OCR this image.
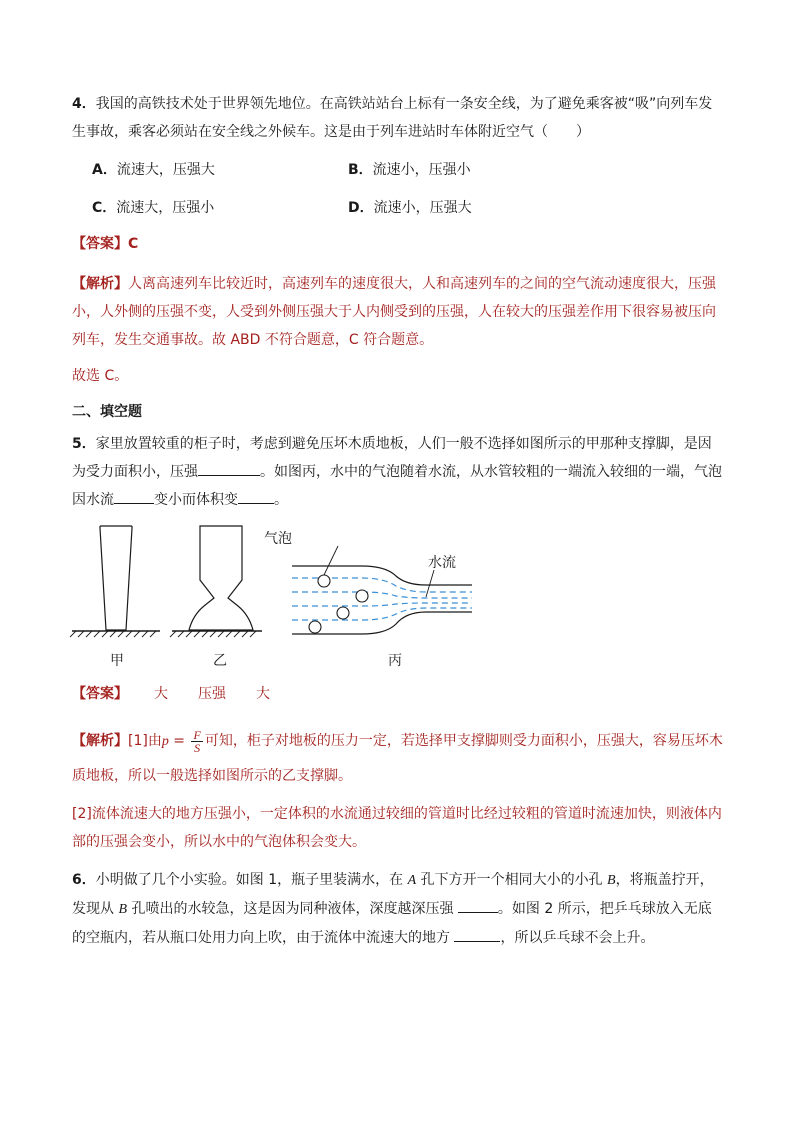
4．我国的高铁技术处于世界领先地位。在高铁站站台上标有一条安全线，为了避免乘客被“吸”向列车发生事故，乘客必须站在安全线之外候车。这是由于列车进站时车体附近空气（　　）
A．流速大，压强大	B．流速小，压强小
C．流速大，压强小	D．流速小，压强大
【答案】C
【解析】人离高速列车比较近时，高速列车的速度很大，人和高速列车的之间的空气流动速度很大，压强小，人外侧的压强不变，人受到外侧压强大于人内侧受到的压强，人在较大的压强差作用下很容易被压向列车，发生交通事故。故 ABD 不符合题意，C 符合题意。
故选 C。
二、填空题
5．家里放置较重的柜子时，考虑到避免压坏木质地板，人们一般不选择如图所示的甲那种支撑脚，是因为受力面积小，压强	。如图丙，水中的气泡随着水流，从水管较粗的一端流入较细的一端，气泡因水流	变小而体积变	。
气泡
水流
甲	乙	丙
【答案】 大 压强 大
【解析】[1]由$p = \frac{F}{S}$ 可知，柜子对地板的压力一定，若选择甲支撑脚则受力面积小，压强大，容易压坏木质地板，所以一般选择如图所示的乙支撑脚。
[2]流体流速大的地方压强小，一定体积的水流通过较细的管道时比经过较粗的管道时流速加快，则液体内部的压强会变小，所以水中的气泡体积会变大。
6．小明做了几个小实验。如图 1，瓶子里装满水，在 A 孔下方开一个相同大小的小孔 B，将瓶盖拧开，发现从 B 孔喷出的水较急，这是因为同种液体，深度越深压强	。如图 2 所示，把乒乓球放入无底的空瓶内，若从瓶口处用力向上吹，由于流体中流速大的地方	，所以乒乓球不会上升。
